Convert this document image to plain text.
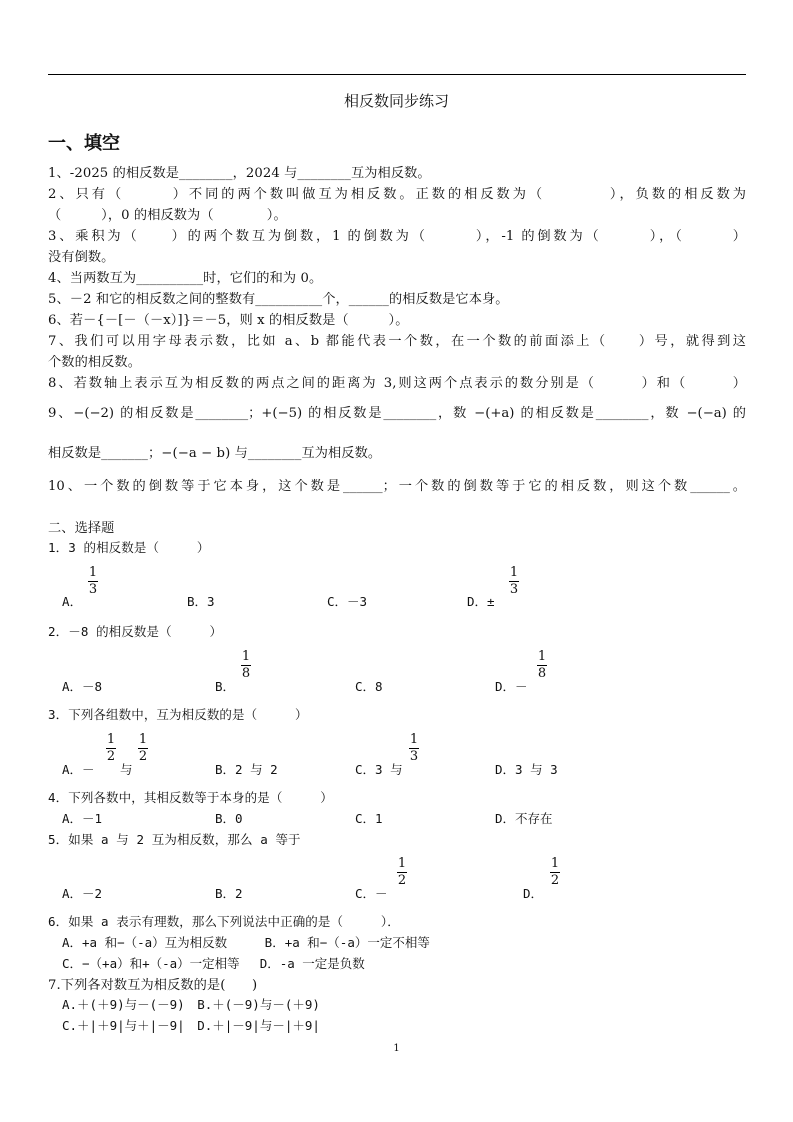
相反数同步练习
一、填空
1、-2025 的相反数是________，2024 与________互为相反数。
2、只有（　　　）不同的两个数叫做互为相反数。正数的相反数为（　　　　），负数的相反数为
（　　　），0 的相反数为（　　　　）。
3、乘积为（　　）的两个数互为倒数，1 的倒数为（　　　），-1 的倒数为（　　　），（　　　）
没有倒数。
4、当两数互为__________时，它们的和为 0。
5、－2 和它的相反数之间的整数有__________个，______的相反数是它本身。
6、若－{－[－（－x）]}＝－5，则 x 的相反数是（　　　）。
7、我们可以用字母表示数，比如 a、b 都能代表一个数，在一个数的前面添上（　　）号，就得到这
个数的相反数。
8、若数轴上表示互为相反数的两点之间的距离为 3,则这两个点表示的数分别是（　　　）和（　　　）
9、−(−2) 的相反数是________；+(−5) 的相反数是________，数 −(+a) 的相反数是________，数 −(−a) 的
相反数是_______；−(−a − b) 与________互为相反数。
10、一个数的倒数等于它本身，这个数是______；一个数的倒数等于它的相反数，则这个数______。
二、选择题
1．3 的相反数是（　　　）
A．
1
3
B．3	C．－3	D．±
1
3
2．－8 的相反数是（　　　）
A．－8	B．
1
8
C．8	D．－
1
8
3．下列各组数中，互为相反数的是（　　　）
A．－
1
2
与
1
2
B．2 与 2	C．3 与
1
3
D．3 与 3
4．下列各数中，其相反数等于本身的是（　　　）
A．－1	B．0	C．1	D．不存在
5．如果 a 与 2 互为相反数，那么 a 等于
A．－2	B．2	C．－
1
2
D．
1
2
6．如果 a 表示有理数，那么下列说法中正确的是（　　　）．
A．+a 和−（-a）互为相反数　　　B．+a 和−（-a）一定不相等
C．−（+a）和+（-a）一定相等　 D．-a 一定是负数
7.下列各对数互为相反数的是(　　)
A.＋(＋9)与－(－9)　B.＋(－9)与－(＋9)
C.＋|＋9|与＋|－9|　D.＋|－9|与－|＋9|
1
